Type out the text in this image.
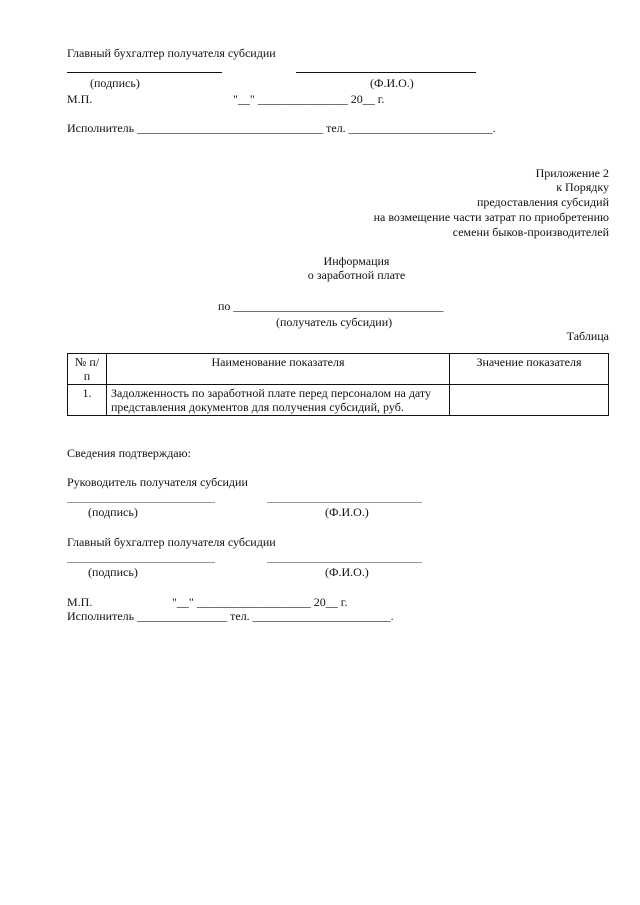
Главный бухгалтер получателя субсидии
(подпись)	(Ф.И.О.)
М.П.	"__" _______________ 20__ г.
Исполнитель _______________________________ тел. ________________________.
Приложение 2
к Порядку
предоставления субсидий
на возмещение части затрат по приобретению
семени быков-производителей
Информация
о заработной плате
по ___________________________________
(получатель субсидии)
Таблица
№ п/п	Наименование показателя	Значение показателя
1.	Задолженность по заработной плате перед персоналом на дату представления документов для получения субсидий, руб.	
Сведения подтверждаю:
Руководитель получателя субсидии
(подпись)	(Ф.И.О.)
Главный бухгалтер получателя субсидии
(подпись)	(Ф.И.О.)
М.П.	"__" ___________________ 20__ г.
Исполнитель _______________ тел. _______________________.
